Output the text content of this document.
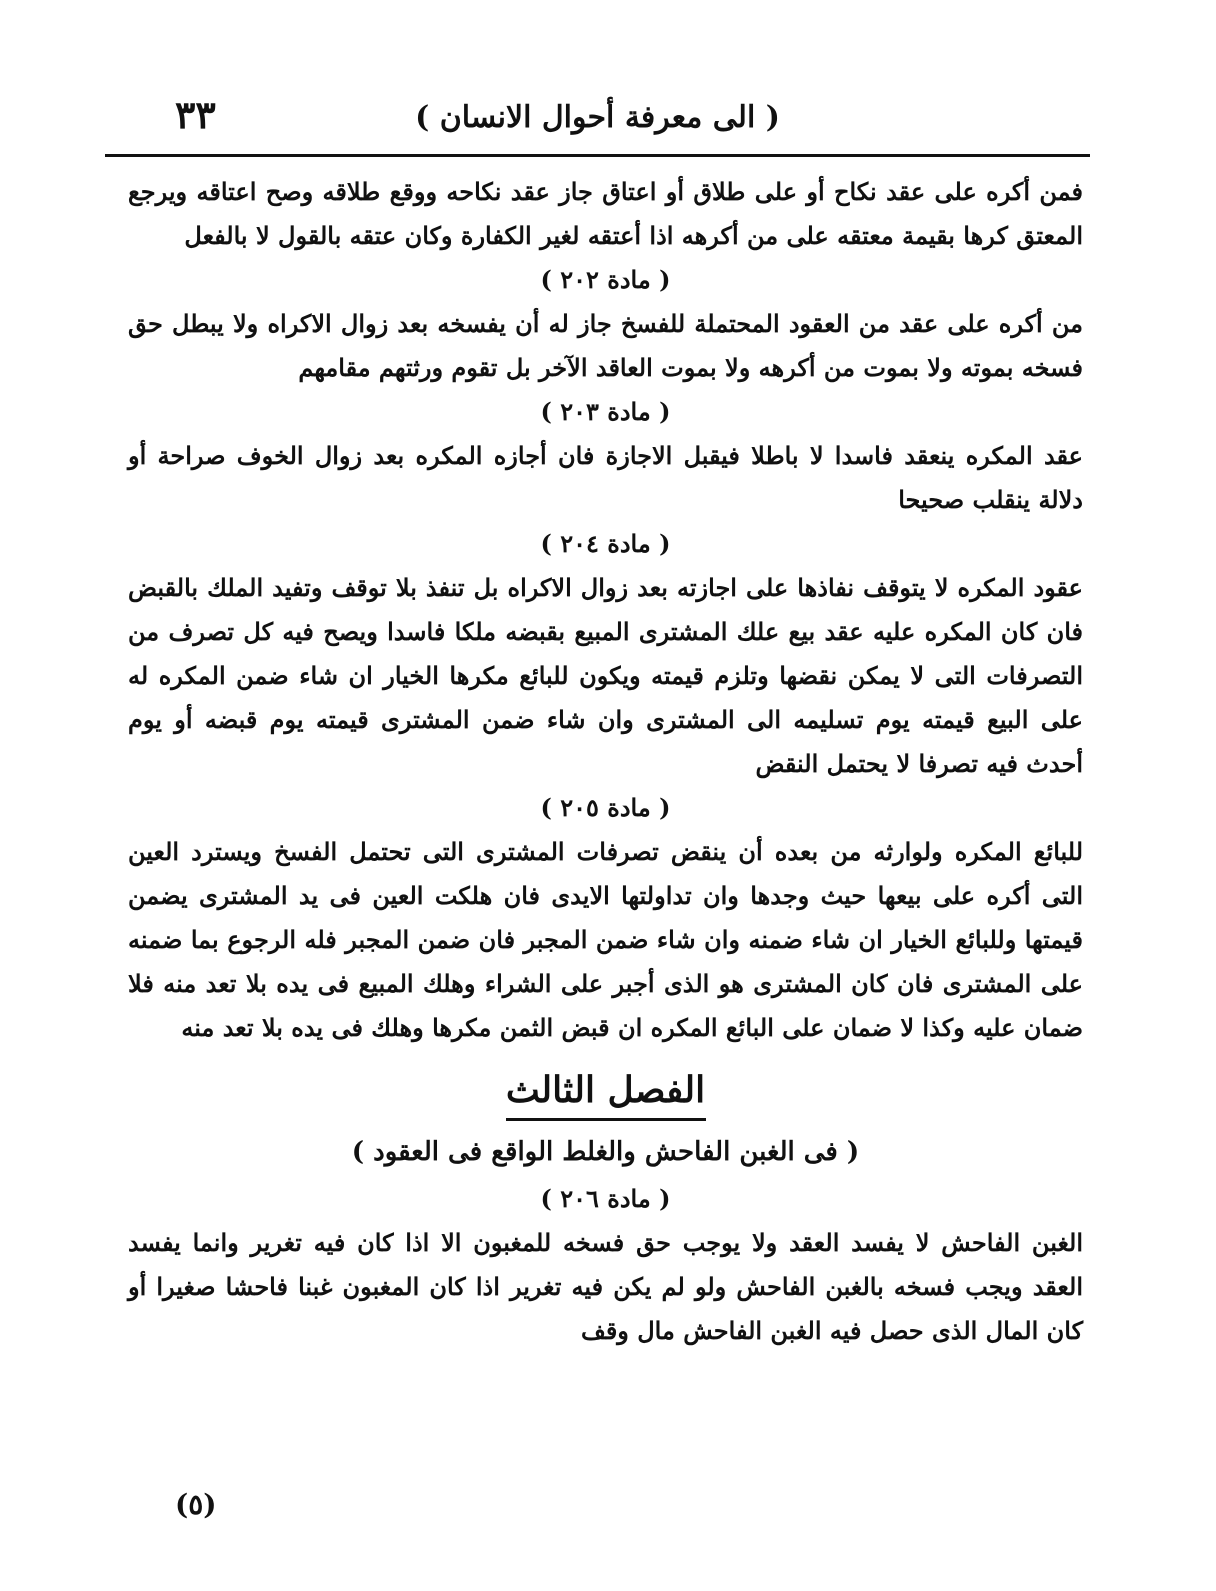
٣٣	( الى معرفة أحوال الانسان )

فمن أكره على عقد نكاح أو على طلاق أو اعتاق جاز عقد نكاحه ووقع طلاقه وصح اعتاقه ويرجع المعتق كرها بقيمة معتقه على من أكرهه اذا أعتقه لغير الكفارة وكان عتقه بالقول لا بالفعل

( مادة ٢٠٢ )

من أكره على عقد من العقود المحتملة للفسخ جاز له أن يفسخه بعد زوال الاكراه ولا يبطل حق فسخه بموته ولا بموت من أكرهه ولا بموت العاقد الآخر بل تقوم ورثتهم مقامهم

( مادة ٢٠٣ )

عقد المكره ينعقد فاسدا لا باطلا فيقبل الاجازة فان أجازه المكره بعد زوال الخوف صراحة أو دلالة ينقلب صحيحا

( مادة ٢٠٤ )

عقود المكره لا يتوقف نفاذها على اجازته بعد زوال الاكراه بل تنفذ بلا توقف وتفيد الملك بالقبض فان كان المكره عليه عقد بيع علك المشترى المبيع بقبضه ملكا فاسدا ويصح فيه كل تصرف من التصرفات التى لا يمكن نقضها وتلزم قيمته ويكون للبائع مكرها الخيار ان شاء ضمن المكره له على البيع قيمته يوم تسليمه الى المشترى وان شاء ضمن المشترى قيمته يوم قبضه أو يوم أحدث فيه تصرفا لا يحتمل النقض

( مادة ٢٠٥ )

للبائع المكره ولوارثه من بعده أن ينقض تصرفات المشترى التى تحتمل الفسخ ويسترد العين التى أكره على بيعها حيث وجدها وان تداولتها الايدى فان هلكت العين فى يد المشترى يضمن قيمتها وللبائع الخيار ان شاء ضمنه وان شاء ضمن المجبر فان ضمن المجبر فله الرجوع بما ضمنه على المشترى فان كان المشترى هو الذى أجبر على الشراء وهلك المبيع فى يده بلا تعد منه فلا ضمان عليه وكذا لا ضمان على البائع المكره ان قبض الثمن مكرها وهلك فى يده بلا تعد منه

الفصل الثالث

( فى الغبن الفاحش والغلط الواقع فى العقود )

( مادة ٢٠٦ )

الغبن الفاحش لا يفسد العقد ولا يوجب حق فسخه للمغبون الا اذا كان فيه تغرير وانما يفسد العقد ويجب فسخه بالغبن الفاحش ولو لم يكن فيه تغرير اذا كان المغبون غبنا فاحشا صغيرا أو كان المال الذى حصل فيه الغبن الفاحش مال وقف

(٥)
